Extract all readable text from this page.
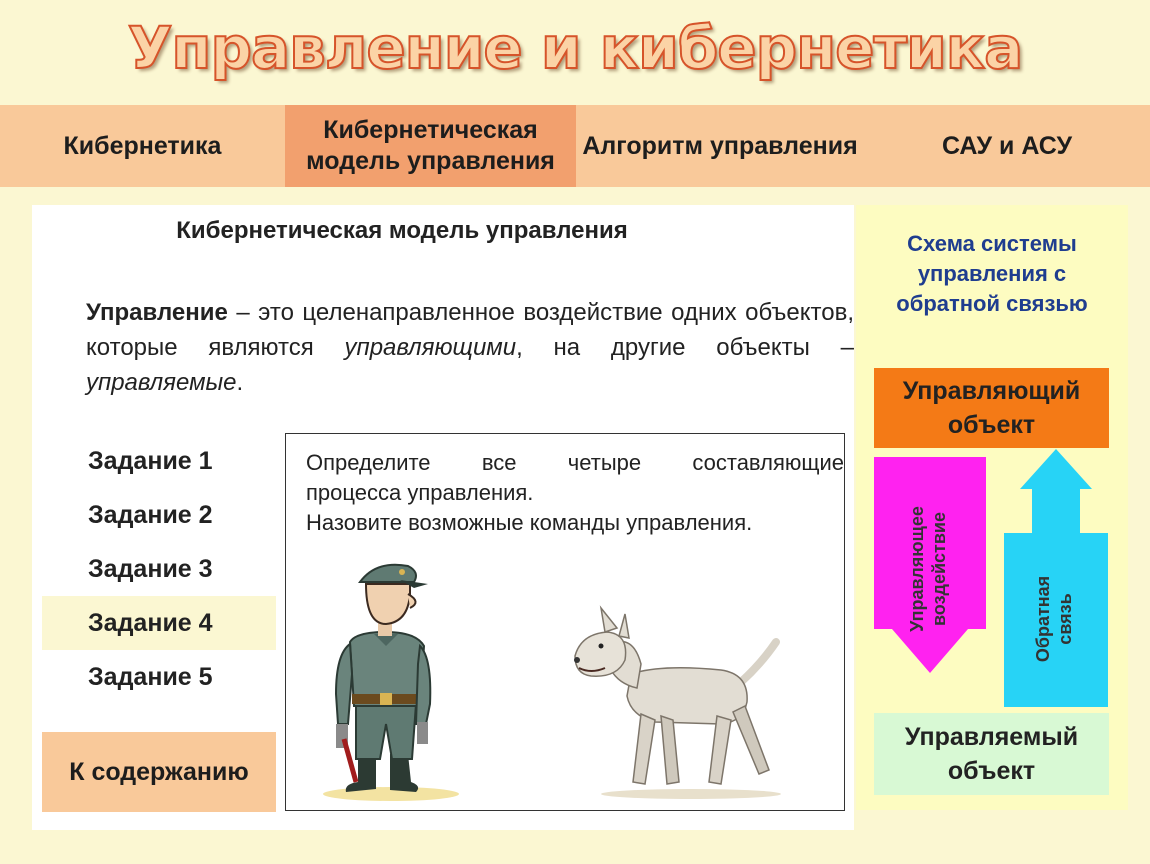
Управление и кибернетика
Кибернетика
Кибернетическая модель управления
Алгоритм управления	САУ и АСУ
Кибернетическая модель управления
Управление – это целенаправленное воздействие одних объектов, которые являются управляющими, на другие объекты – управляемые.
Задание 1
Задание 2
Задание 3
Задание 4
Задание 5
К содержанию
Определите все четыре составляющие
процесса управления.
Назовите возможные команды управления.
Схема системы управления с обратной связью
Управляющий объект
Управляющее воздействие	Обратная связь
Управляемый объект
